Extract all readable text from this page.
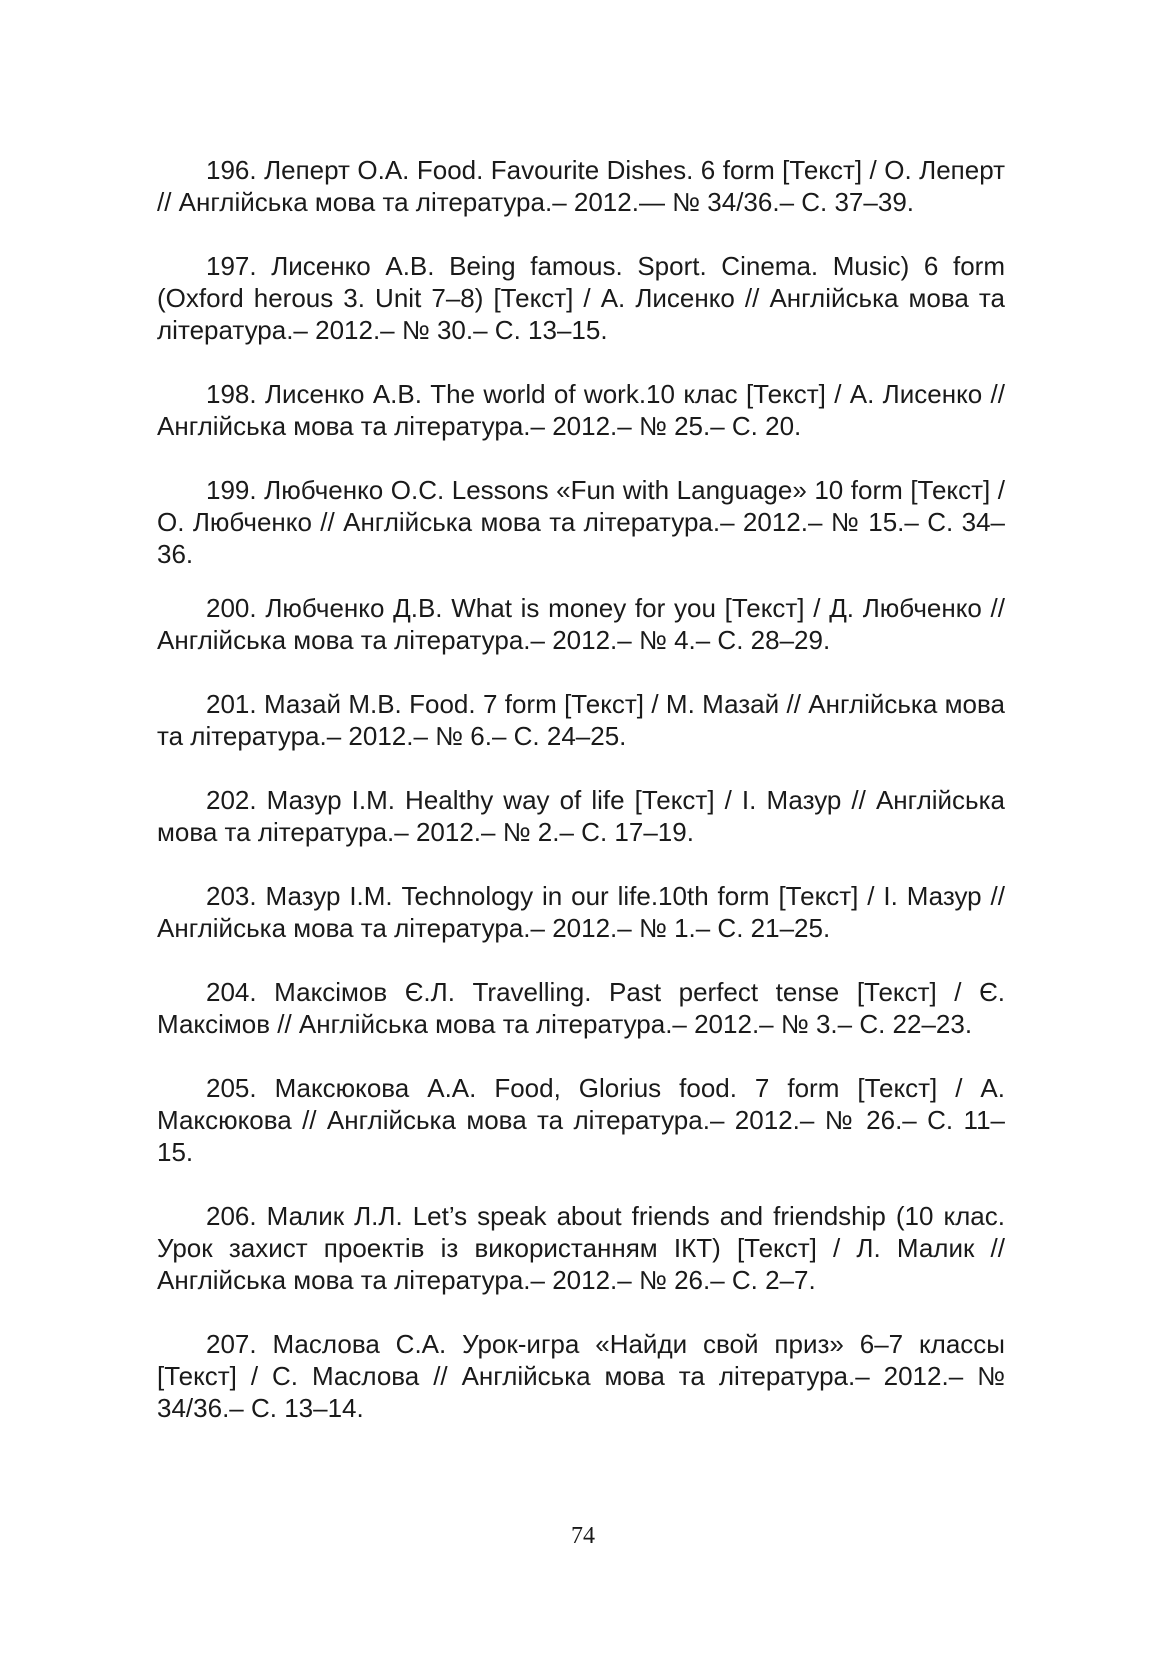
196. Леперт О.А. Food. Favourite Dishes. 6 form [Текст] / О. Леперт // Англійська мова та література.– 2012.— № 34/36.– С. 37–39.

197. Лисенко А.В. Being famous. Sport. Cinema. Music) 6 form (Oxford herous 3. Unit 7–8) [Текст] / А. Лисенко // Англійська мова та література.– 2012.– № 30.– С. 13–15.

198. Лисенко А.В. The world of work.10 клас [Текст] / А. Лисенко // Англійська мова та література.– 2012.– № 25.– С. 20.

199. Любченко О.С. Lessons «Fun with Language» 10 form [Текст] / О. Любченко // Англійська мова та література.– 2012.– № 15.– С. 34–36.

200. Любченко Д.В. What is money for you [Текст] / Д. Любченко // Англійська мова та література.– 2012.– № 4.– С. 28–29.

201. Мазай М.В. Food. 7 form [Текст] / М. Мазай // Англійська мова та література.– 2012.– № 6.– С. 24–25.

202. Мазур І.М. Healthy way of life [Текст] / І. Мазур // Англійська мова та література.– 2012.– № 2.– С. 17–19.

203. Мазур І.М. Technology in our life.10th form [Текст] / І. Мазур // Англійська мова та література.– 2012.– № 1.– С. 21–25.

204. Максімов Є.Л. Travelling. Past perfect tense [Текст] / Є. Максімов // Англійська мова та література.– 2012.– № 3.– С. 22–23.

205. Максюкова А.А. Food, Glorius food. 7 form [Текст] / А. Максюкова // Англійська мова та література.– 2012.– № 26.– С. 11–15.

206. Малик Л.Л. Let’s speak about friends and friendship (10 клас. Урок захист проектів із використанням ІКТ) [Текст] / Л. Малик // Англійська мова та література.– 2012.– № 26.– С. 2–7.

207. Маслова С.А. Урок-игра «Найди свой приз» 6–7 классы [Текст] / С. Маслова // Англійська мова та література.– 2012.– № 34/36.– С. 13–14.

74
